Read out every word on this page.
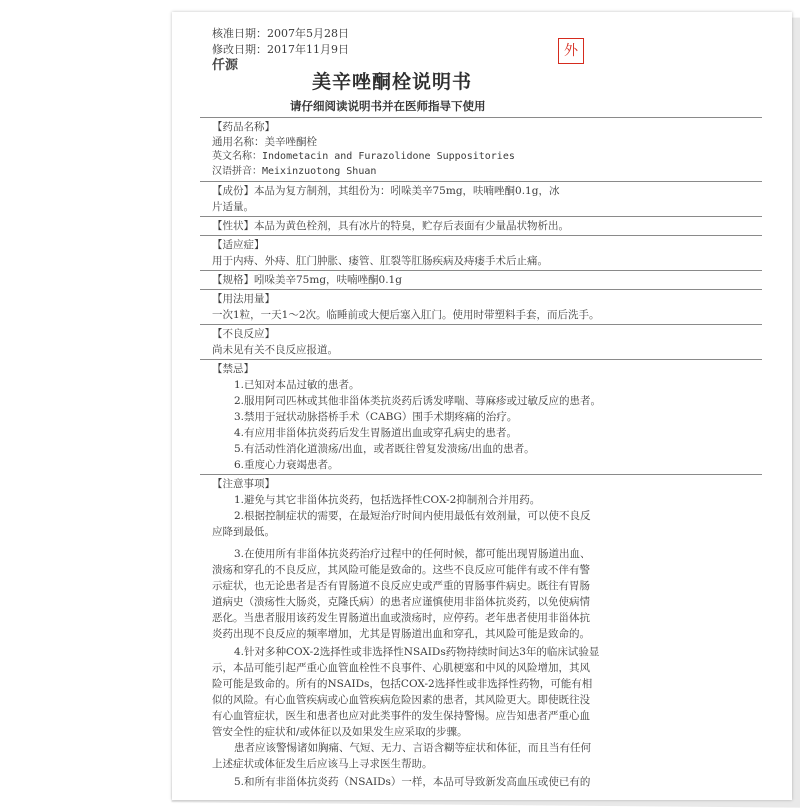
核准日期：2007年5月28日

修改日期：2017年11月9日

仟源

外

美辛唑酮栓说明书

请仔细阅读说明书并在医师指导下使用

【药品名称】

通用名称：美辛唑酮栓

英文名称：Indometacin and Furazolidone Suppositories

汉语拼音：Meixinzuotong Shuan

【成份】本品为复方制剂，其组份为：吲哚美辛75mg，呋喃唑酮0.1g，冰

片适量。

【性状】本品为黄色栓剂，具有冰片的特臭，贮存后表面有少量晶状物析出。

【适应症】

用于内痔、外痔、肛门肿胀、瘘管、肛裂等肛肠疾病及痔瘘手术后止痛。

【规格】吲哚美辛75mg，呋喃唑酮0.1g

【用法用量】

一次1粒，一天1～2次。临睡前或大便后塞入肛门。使用时带塑料手套，而后洗手。

【不良反应】

尚未见有关不良反应报道。

【禁忌】

1.已知对本品过敏的患者。

2.服用阿司匹林或其他非甾体类抗炎药后诱发哮喘、荨麻疹或过敏反应的患者。

3.禁用于冠状动脉搭桥手术（CABG）围手术期疼痛的治疗。

4.有应用非甾体抗炎药后发生胃肠道出血或穿孔病史的患者。

5.有活动性消化道溃疡/出血，或者既往曾复发溃疡/出血的患者。

6.重度心力衰竭患者。

【注意事项】

1.避免与其它非甾体抗炎药，包括选择性COX-2抑制剂合并用药。

2.根据控制症状的需要，在最短治疗时间内使用最低有效剂量，可以使不良反

应降到最低。

3.在使用所有非甾体抗炎药治疗过程中的任何时候，都可能出现胃肠道出血、

溃疡和穿孔的不良反应，其风险可能是致命的。这些不良反应可能伴有或不伴有警

示症状，也无论患者是否有胃肠道不良反应史或严重的胃肠事件病史。既往有胃肠

道病史（溃疡性大肠炎，克隆氏病）的患者应谨慎使用非甾体抗炎药，以免使病情

恶化。当患者服用该药发生胃肠道出血或溃疡时，应停药。老年患者使用非甾体抗

炎药出现不良反应的频率增加，尤其是胃肠道出血和穿孔，其风险可能是致命的。

4.针对多种COX-2选择性或非选择性NSAIDs药物持续时间达3年的临床试验显

示，本品可能引起严重心血管血栓性不良事件、心肌梗塞和中风的风险增加，其风

险可能是致命的。所有的NSAIDs，包括COX-2选择性或非选择性药物，可能有相

似的风险。有心血管疾病或心血管疾病危险因素的患者，其风险更大。即使既往没

有心血管症状，医生和患者也应对此类事件的发生保持警惕。应告知患者严重心血

管安全性的症状和/或体征以及如果发生应采取的步骤。

患者应该警惕诸如胸痛、气短、无力、言语含糊等症状和体征，而且当有任何

上述症状或体征发生后应该马上寻求医生帮助。

5.和所有非甾体抗炎药（NSAIDs）一样，本品可导致新发高血压或使已有的
